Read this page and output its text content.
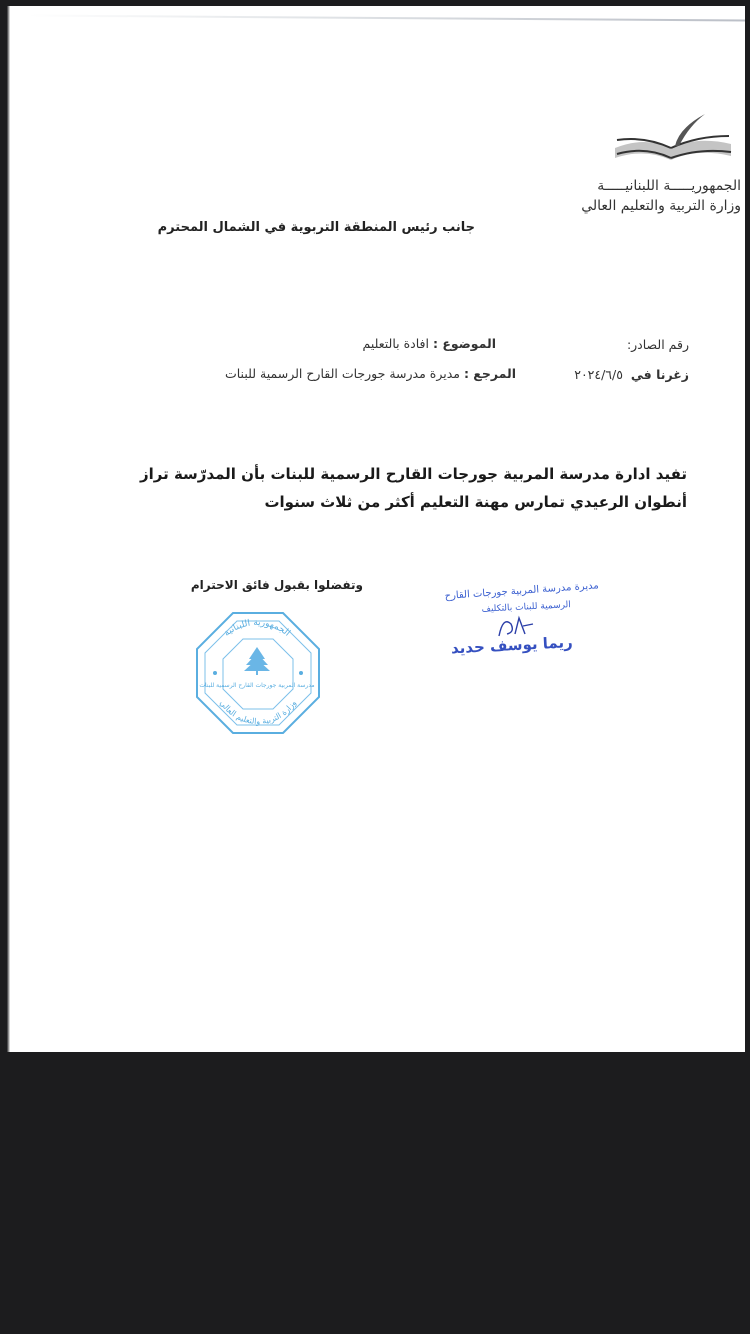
الجمهوريـــــة اللبنانيـــــة
وزارة التربية والتعليم العالي
جانب رئيس المنطقة التربوية في الشمال المحترم
رقم الصادر:
الموضوع : افادة بالتعليم
زغرنا في  ٢٠٢٤/٦/٥
المرجع : مديرة مدرسة جورجات القارح الرسمية للبنات
تفيد ادارة مدرسة المربية جورجات القارح الرسمية للبنات بأن المدرّسة تراز أنطوان الرعيدي تمارس مهنة التعليم أكثر من ثلاث سنوات
وتفضلوا بقبول فائق الاحترام	مديرة مدرسة المربية جورجات القارح
الرسمية للبنات بالتكليف
ريما يوسف حديد
الجمهورية اللبنانية
وزارة التربية والتعليم العالي
مدرسة المربية جورجات القارح الرسمية للبنات
